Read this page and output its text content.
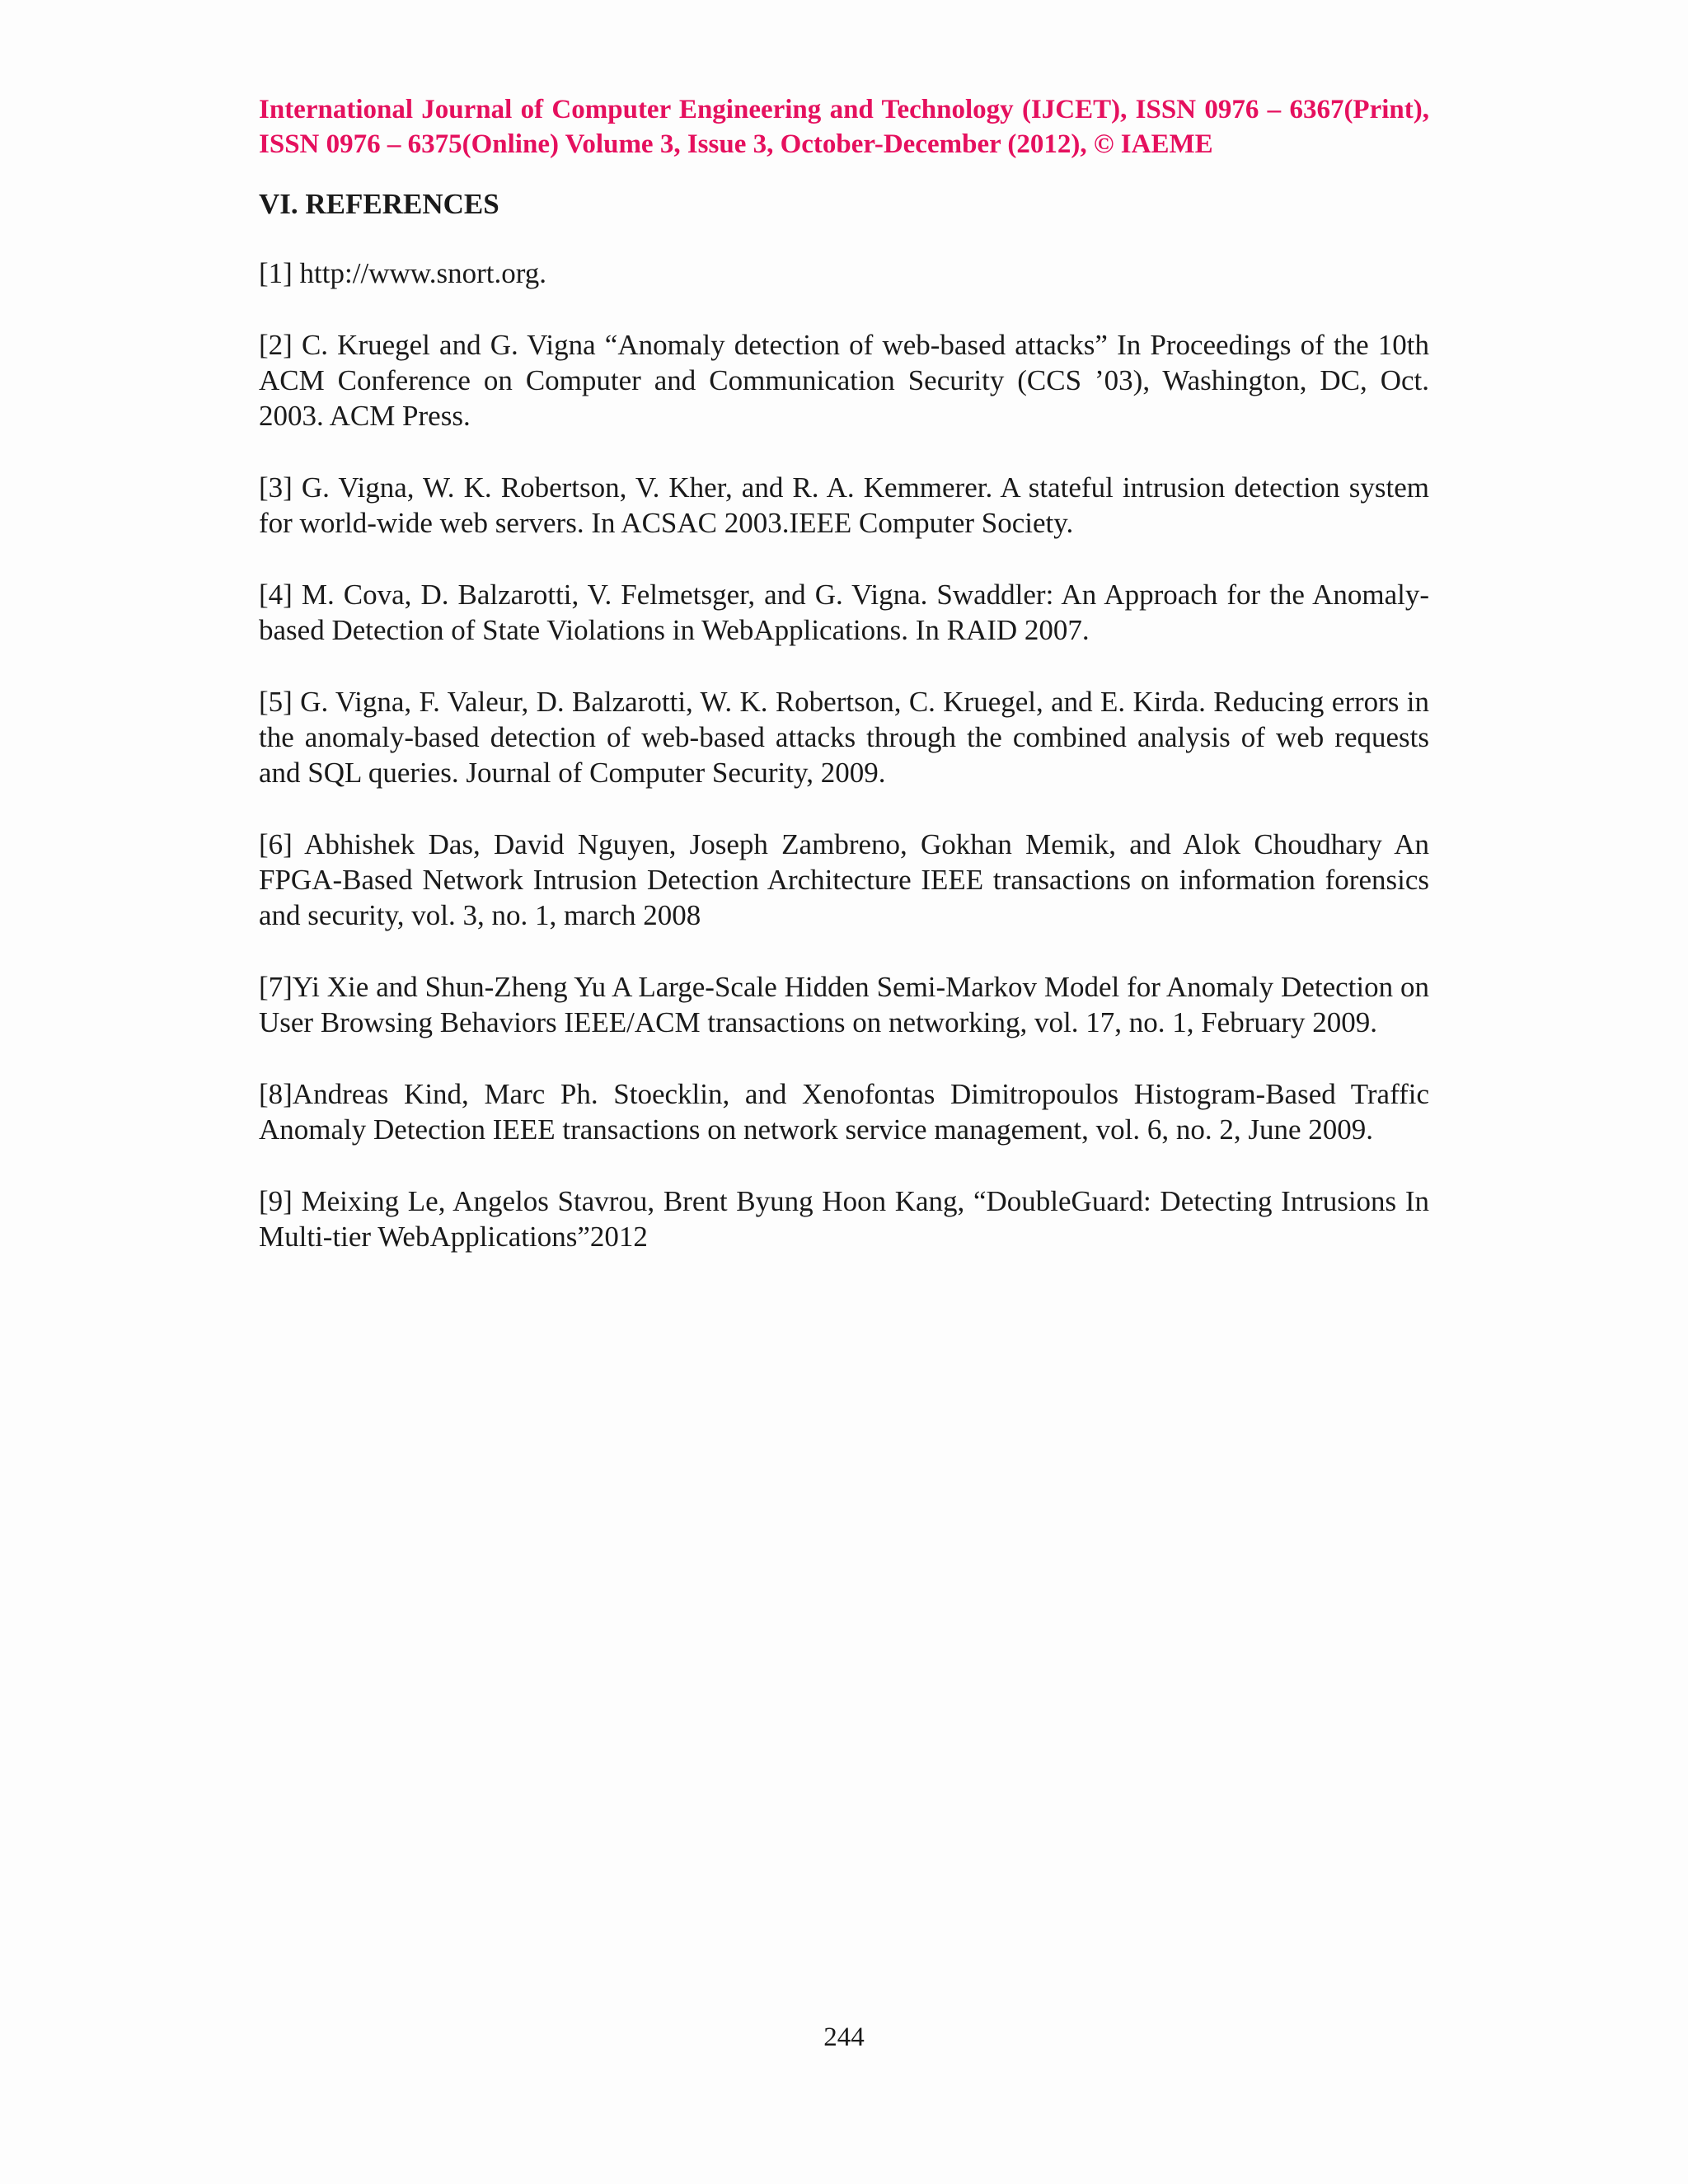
International Journal of Computer Engineering and Technology (IJCET), ISSN 0976 – 6367(Print), ISSN 0976 – 6375(Online) Volume 3, Issue 3, October-December (2012), © IAEME
VI. REFERENCES

[1] http://www.snort.org.

[2] C. Kruegel and G. Vigna “Anomaly detection of web-based attacks” In Proceedings of the 10th ACM Conference on Computer and Communication Security (CCS ’03), Washington, DC, Oct. 2003. ACM Press.

[3] G. Vigna, W. K. Robertson, V. Kher, and R. A. Kemmerer. A stateful intrusion detection system for world-wide web servers. In ACSAC 2003.IEEE Computer Society.

[4] M. Cova, D. Balzarotti, V. Felmetsger, and G. Vigna. Swaddler: An Approach for the Anomaly-based Detection of State Violations in WebApplications. In RAID 2007.

[5] G. Vigna, F. Valeur, D. Balzarotti, W. K. Robertson, C. Kruegel, and E. Kirda. Reducing errors in the anomaly-based detection of web-based attacks through the combined analysis of web requests and SQL queries. Journal of Computer Security, 2009.

[6] Abhishek Das, David Nguyen, Joseph Zambreno, Gokhan Memik, and Alok Choudhary An FPGA-Based Network Intrusion Detection Architecture IEEE transactions on information forensics and security, vol. 3, no. 1, march 2008

[7]Yi Xie and Shun-Zheng Yu A Large-Scale Hidden Semi-Markov Model for Anomaly Detection on User Browsing Behaviors IEEE/ACM transactions on networking, vol. 17, no. 1, February 2009.

[8]Andreas Kind, Marc Ph. Stoecklin, and Xenofontas Dimitropoulos Histogram-Based Traffic Anomaly Detection IEEE transactions on network service management, vol. 6, no. 2, June 2009.

[9] Meixing Le, Angelos Stavrou, Brent Byung Hoon Kang, “DoubleGuard: Detecting Intrusions In Multi-tier WebApplications”2012

244
